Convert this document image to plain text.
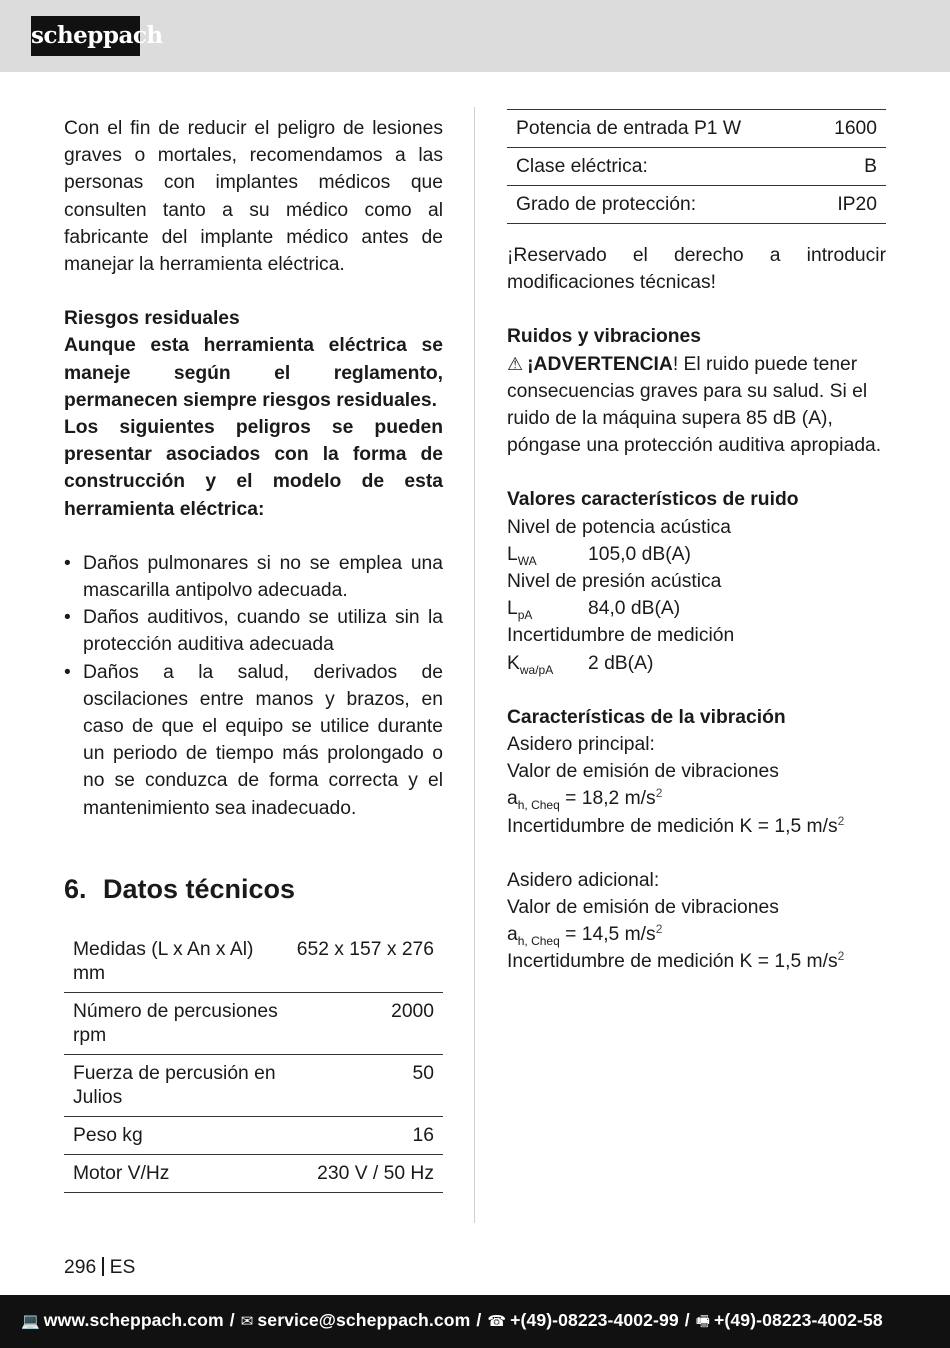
scheppach

Con el fin de reducir el peligro de lesiones graves o mortales, recomendamos a las personas con implantes médicos que consulten tanto a su médico como al fabricante del implante médico antes de manejar la herramienta eléctrica.

Riesgos residuales

Aunque esta herramienta eléctrica se maneje según el reglamento, permanecen siempre riesgos residuales.

Los siguientes peligros se pueden presentar asociados con la forma de construcción y el modelo de esta herramienta eléctrica:

• Daños pulmonares si no se emplea una mascarilla antipolvo adecuada.
• Daños auditivos, cuando se utiliza sin la protección auditiva adecuada
• Daños a la salud, derivados de oscilaciones entre manos y brazos, en caso de que el equipo se utilice durante un periodo de tiempo más prolongado o no se conduzca de forma correcta y el mantenimiento sea inadecuado.
6. Datos técnicos
Medidas (L x An x Al) mm	652 x 157 x 276
Número de percusiones rpm	2000
Fuerza de percusión en Julios	50
Peso kg	16
Motor V/Hz	230 V / 50 Hz
Potencia de entrada P1 W	1600
Clase eléctrica:	B
Grado de protección:	IP20

¡Reservado el derecho a introducir modificaciones técnicas!

Ruidos y vibraciones

⚠ ¡ADVERTENCIA! El ruido puede tener consecuencias graves para su salud. Si el ruido de la máquina supera 85 dB (A), póngase una protección auditiva apropiada.

Valores característicos de ruido

Nivel de potencia acústica

$L_{WA}$	105,0 dB(A)

Nivel de presión acústica

$L_{pA}$	84,0 dB(A)

Incertidumbre de medición

$K_{wa/pA}$	2 dB(A)

Características de la vibración

Asidero principal:

Valor de emisión de vibraciones

$a_{h, Cheq} = 18,2$ $m/s^2$

Incertidumbre de medición K = 1,5 $m/s^2$

Asidero adicional:

Valor de emisión de vibraciones

$a_{h, Cheq} = 14,5$ $m/s^2$

Incertidumbre de medición K = 1,5 $m/s^2$

296 ES
💻 www.scheppach.com / ✉ service@scheppach.com / ☎ +(49)-08223-4002-99 / 🖷 +(49)-08223-4002-58
